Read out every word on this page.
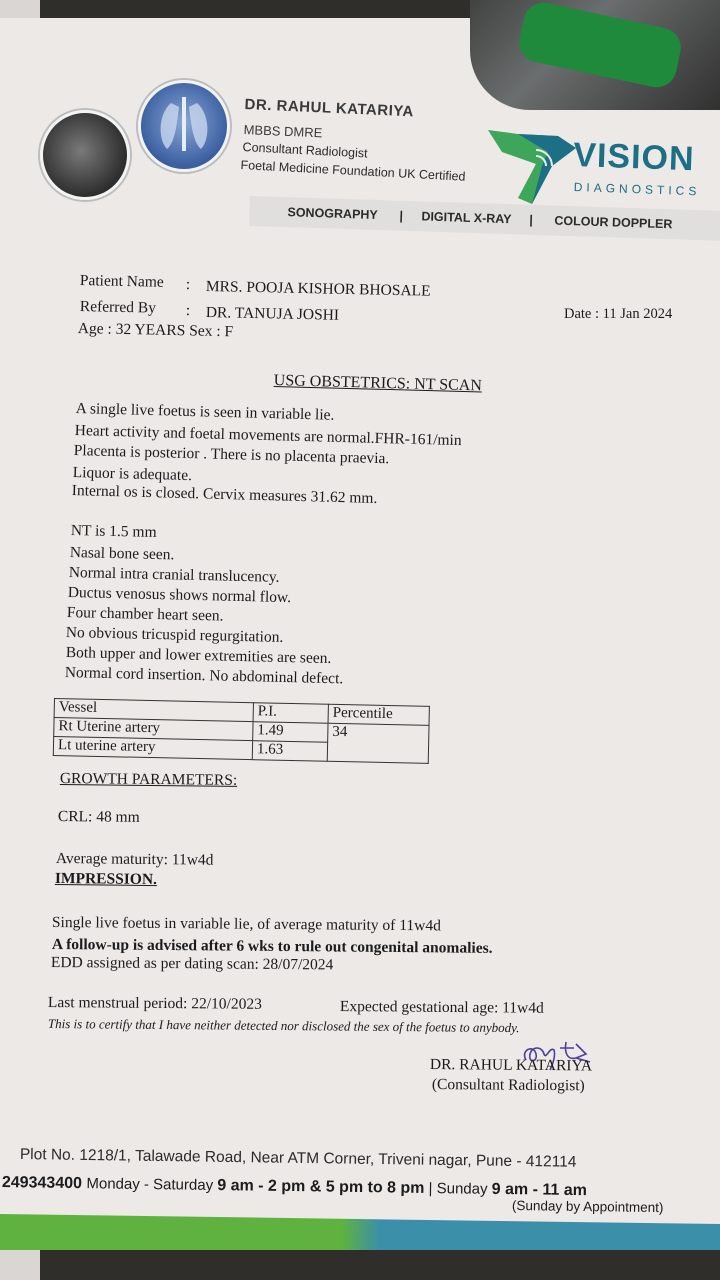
DR. RAHUL KATARIYA
MBBS DMRE
Consultant Radiologist
Foetal Medicine Foundation UK Certified	VISION
DIAGNOSTICS
SONOGRAPHY | DIGITAL X-RAY | COLOUR DOPPLER
Patient Name : MRS. POOJA KISHOR BHOSALE
Referred By : DR. TANUJA JOSHI
Age : 32 YEARS Sex : F
Date : 11 Jan 2024
USG OBSTETRICS: NT SCAN
A single live foetus is seen in variable lie.
Heart activity and foetal movements are normal.FHR-161/min
Placenta is posterior . There is no placenta praevia.
Liquor is adequate.
Internal os is closed. Cervix measures 31.62 mm.
NT is 1.5 mm
Nasal bone seen.
Normal intra cranial translucency.
Ductus venosus shows normal flow.
Four chamber heart seen.
No obvious tricuspid regurgitation.
Both upper and lower extremities are seen.
Normal cord insertion. No abdominal defect.
Vessel	P.I.	Percentile
Rt Uterine artery	1.49	34
Lt uterine artery	1.63	
GROWTH PARAMETERS:
CRL: 48 mm
Average maturity: 11w4d
IMPRESSION.
Single live foetus in variable lie, of average maturity of 11w4d
A follow-up is advised after 6 wks to rule out congenital anomalies.
EDD assigned as per dating scan: 28/07/2024
Last menstrual period: 22/10/2023	Expected gestational age: 11w4d
This is to certify that I have neither detected nor disclosed the sex of the foetus to anybody.
DR. RAHUL KATARIYA
(Consultant Radiologist)
Plot No. 1218/1, Talawade Road, Near ATM Corner, Triveni nagar, Pune - 412114
249343400 Monday - Saturday 9 am - 2 pm & 5 pm to 8 pm | Sunday 9 am - 11 am
(Sunday by Appointment)
